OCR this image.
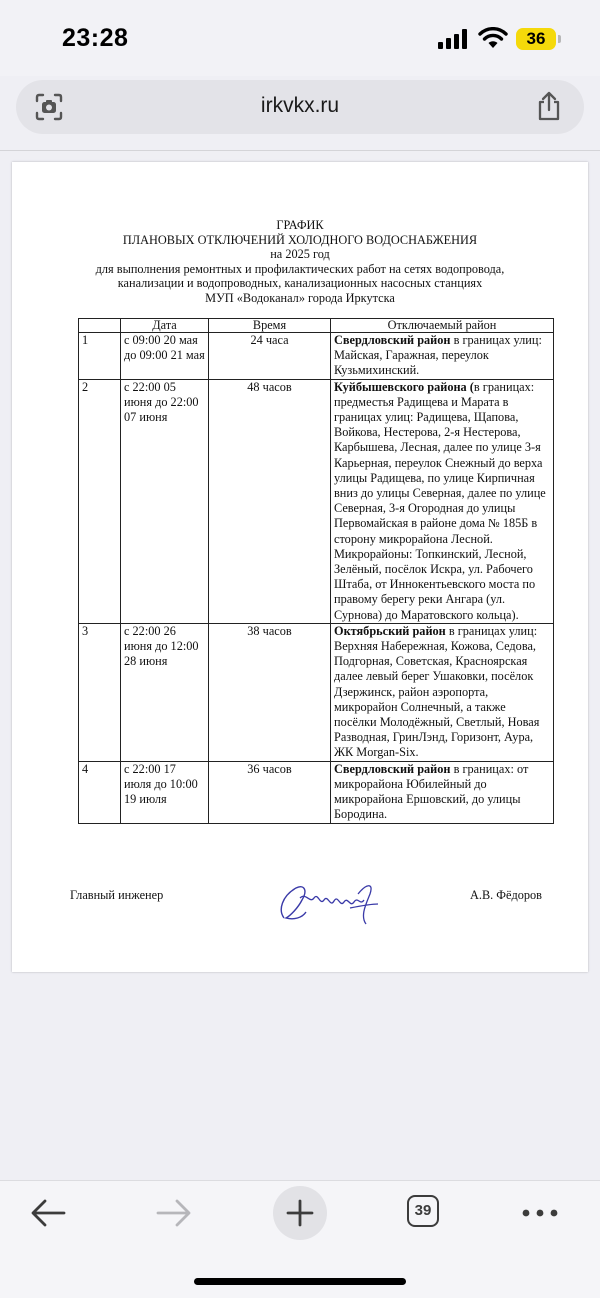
23:28	36
irkvkx.ru
ГРАФИК
ПЛАНОВЫХ ОТКЛЮЧЕНИЙ ХОЛОДНОГО ВОДОСНАБЖЕНИЯ
на 2025 год
для выполнения ремонтных и профилактических работ на сетях водопровода,
канализации и водопроводных, канализационных насосных станциях
МУП «Водоканал» города Иркутска
	Дата	Время	Отключаемый район
1	с 09:00 20 мая до 09:00 21 мая	24 часа	Свердловский район в границах улиц: Майская, Гаражная, переулок Кузьмихинский.
2	с 22:00 05 июня до 22:00 07 июня	48 часов	Куйбышевского района (в границах: предместья Радищева и Марата в границах улиц: Радищева, Щапова, Войкова, Нестерова, 2-я Нестерова, Карбышева, Лесная, далее по улице 3-я Карьерная, переулок Снежный до верха улицы Радищева, по улице Кирпичная вниз до улицы Северная, далее по улице Северная, 3-я Огородная до улицы Первомайская в районе дома № 185Б в сторону микрорайона Лесной. Микрорайоны: Топкинский, Лесной, Зелёный, посёлок Искра, ул. Рабочего Штаба, от Иннокентьевского моста по правому берегу реки Ангара (ул. Сурнова) до Маратовского кольца).
3	с 22:00 26 июня до 12:00 28 июня	38 часов	Октябрьский район в границах улиц: Верхняя Набережная, Кожова, Седова, Подгорная, Советская, Красноярская далее левый берег Ушаковки, посёлок Дзержинск, район аэропорта, микрорайон Солнечный, а также посёлки Молодёжный, Светлый, Новая Разводная, ГринЛэнд, Горизонт, Аура, ЖК Morgan-Six.
4	с 22:00 17 июля до 10:00 19 июля	36 часов	Свердловский район в границах: от микрорайона Юбилейный до микрорайона Ершовский, до улицы Бородина.
Главный инженер	А.В. Фёдоров
39
